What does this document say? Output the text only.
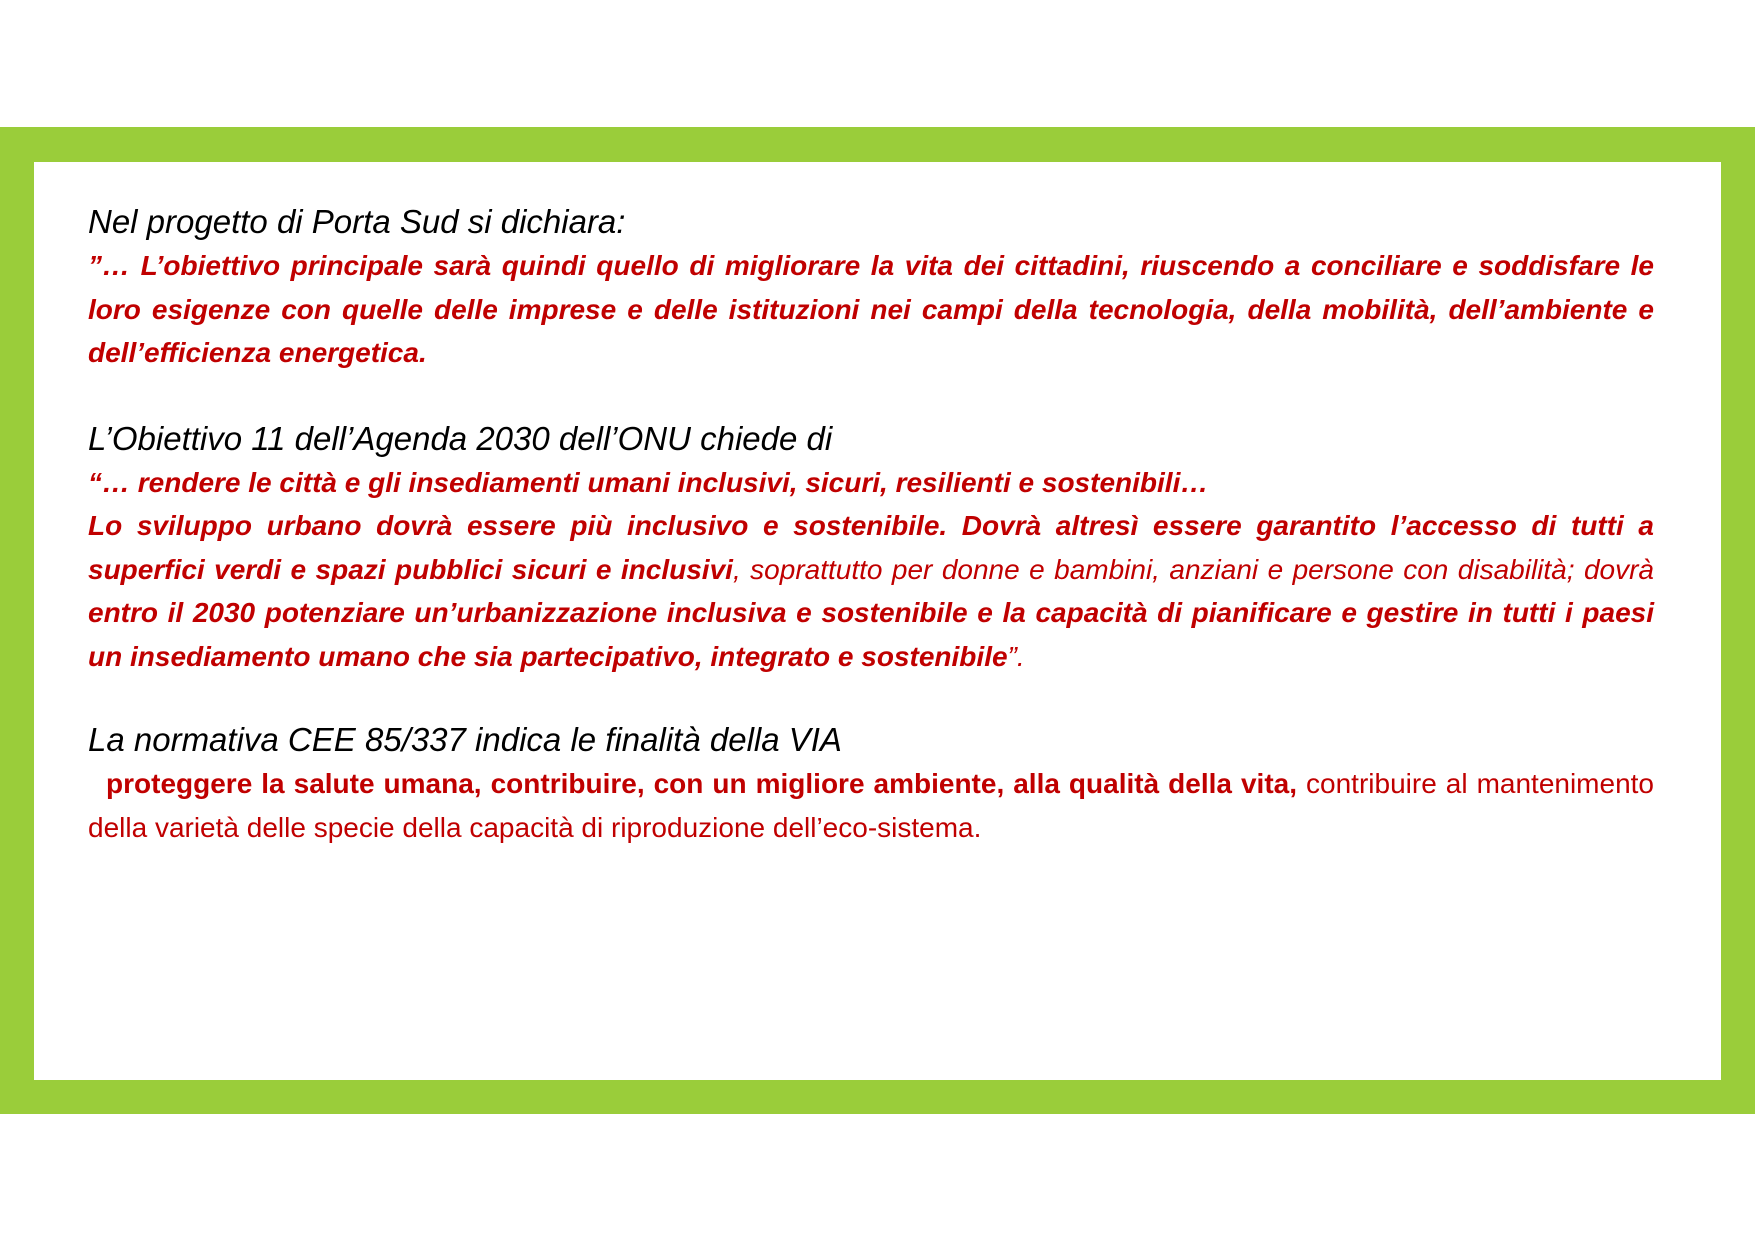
Nel progetto di Porta Sud si dichiara:

”… L’obiettivo principale sarà quindi quello di migliorare la vita dei cittadini, riuscendo a conciliare e soddisfare le loro esigenze con quelle delle imprese e delle istituzioni nei campi della tecnologia, della mobilità, dell’ambiente e dell’efficienza energetica.

L’Obiettivo 11 dell’Agenda 2030 dell’ONU chiede di

“… rendere le città e gli insediamenti umani inclusivi, sicuri, resilienti e sostenibili…

Lo sviluppo urbano dovrà essere più inclusivo e sostenibile. Dovrà altresì essere garantito l’accesso di tutti a superfici verdi e spazi pubblici sicuri e inclusivi, soprattutto per donne e bambini, anziani e persone con disabilità; dovrà entro il 2030 potenziare un’urbanizzazione inclusiva e sostenibile e la capacità di pianificare e gestire in tutti i paesi un insediamento umano che sia partecipativo, integrato e sostenibile”.

La normativa CEE 85/337 indica le finalità della VIA

proteggere la salute umana, contribuire, con un migliore ambiente, alla qualità della vita, contribuire al mantenimento della varietà delle specie della capacità di riproduzione dell’eco-sistema.
